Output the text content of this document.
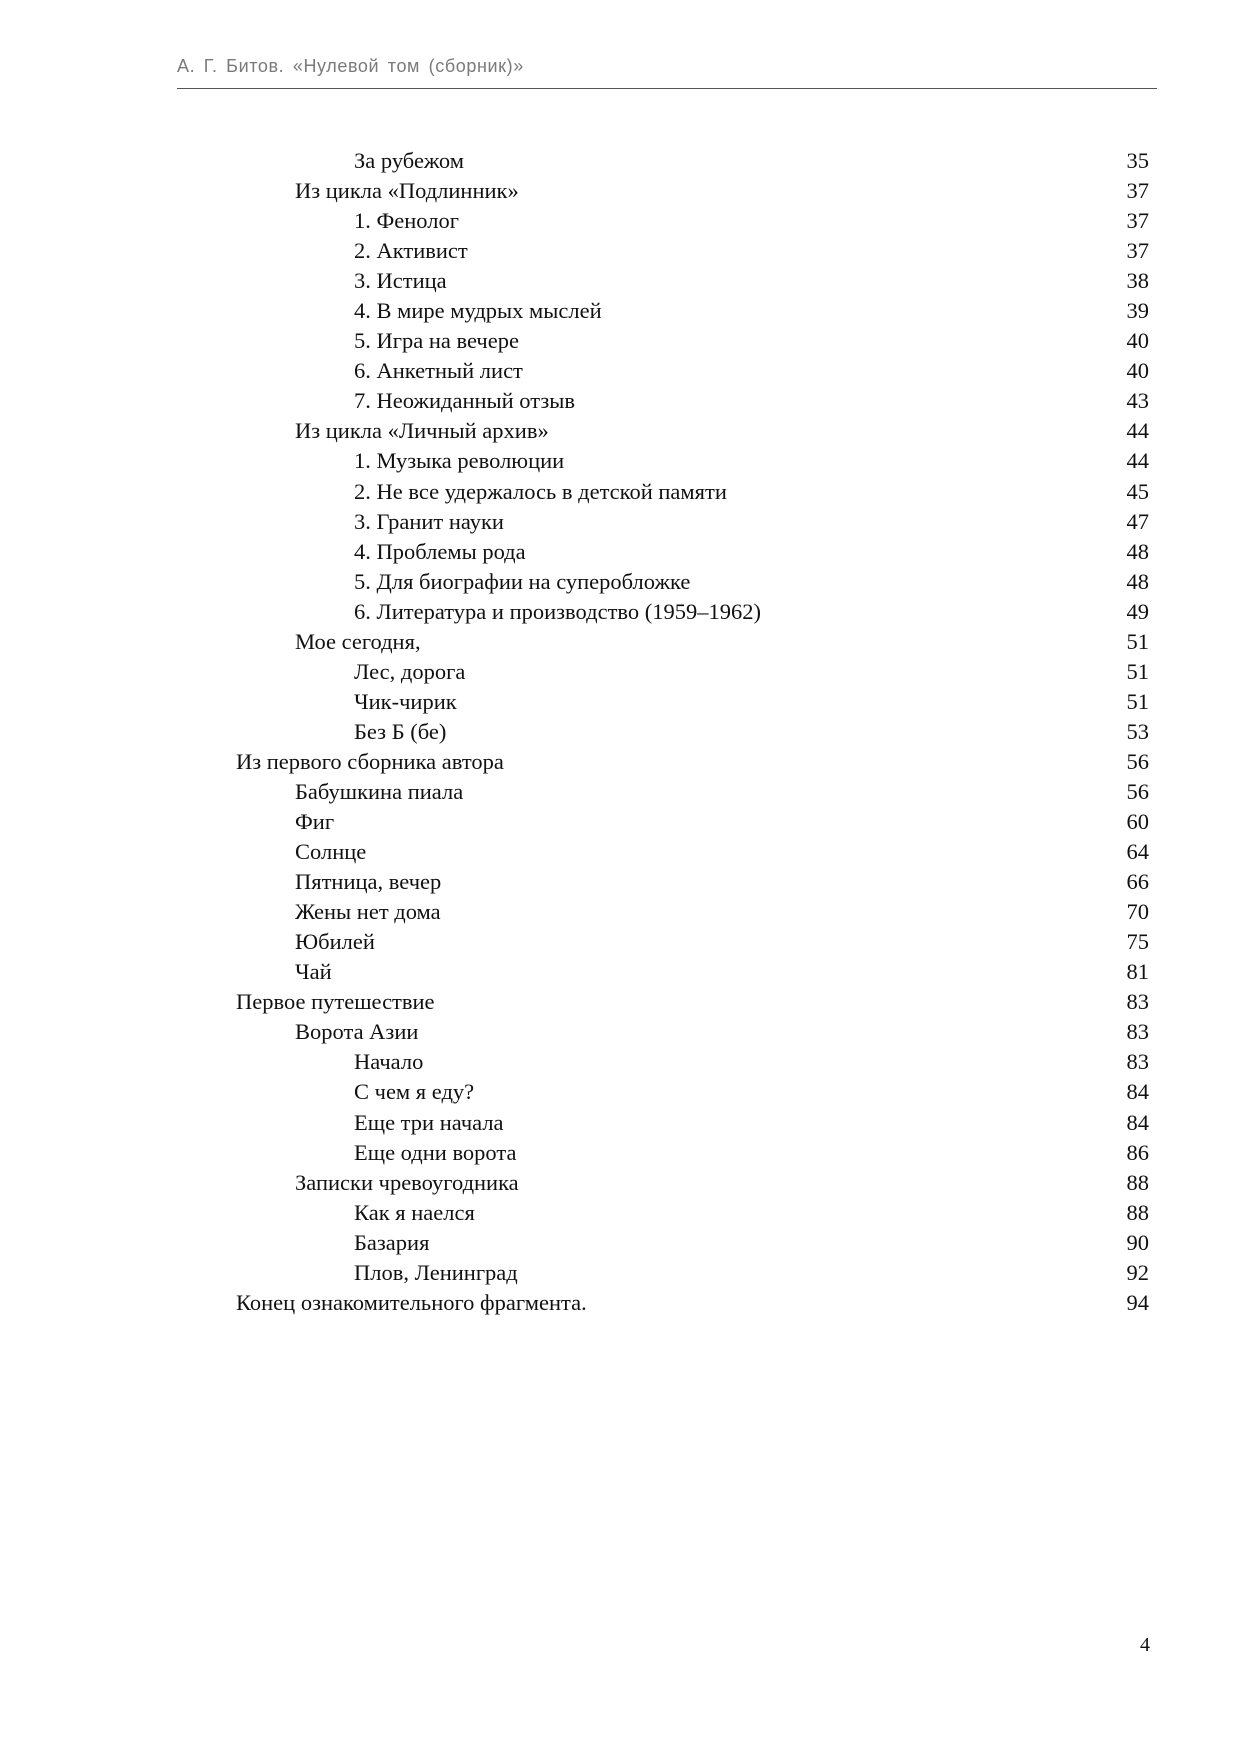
А. Г. Битов. «Нулевой том (сборник)»
За рубежом	35
Из цикла «Подлинник»	37
1. Фенолог	37
2. Активист	37
3. Истица	38
4. В мире мудрых мыслей	39
5. Игра на вечере	40
6. Анкетный лист	40
7. Неожиданный отзыв	43
Из цикла «Личный архив»	44
1. Музыка революции	44
2. Не все удержалось в детской памяти	45
3. Гранит науки	47
4. Проблемы рода	48
5. Для биографии на суперобложке	48
6. Литература и производство (1959–1962)	49
Мое сегодня,	51
Лес, дорога	51
Чик-чирик	51
Без Б (бе)	53
Из первого сборника автора	56
Бабушкина пиала	56
Фиг	60
Солнце	64
Пятница, вечер	66
Жены нет дома	70
Юбилей	75
Чай	81
Первое путешествие	83
Ворота Азии	83
Начало	83
С чем я еду?	84
Еще три начала	84
Еще одни ворота	86
Записки чревоугодника	88
Как я наелся	88
Базария	90
Плов, Ленинград	92
Конец ознакомительного фрагмента.	94
4
